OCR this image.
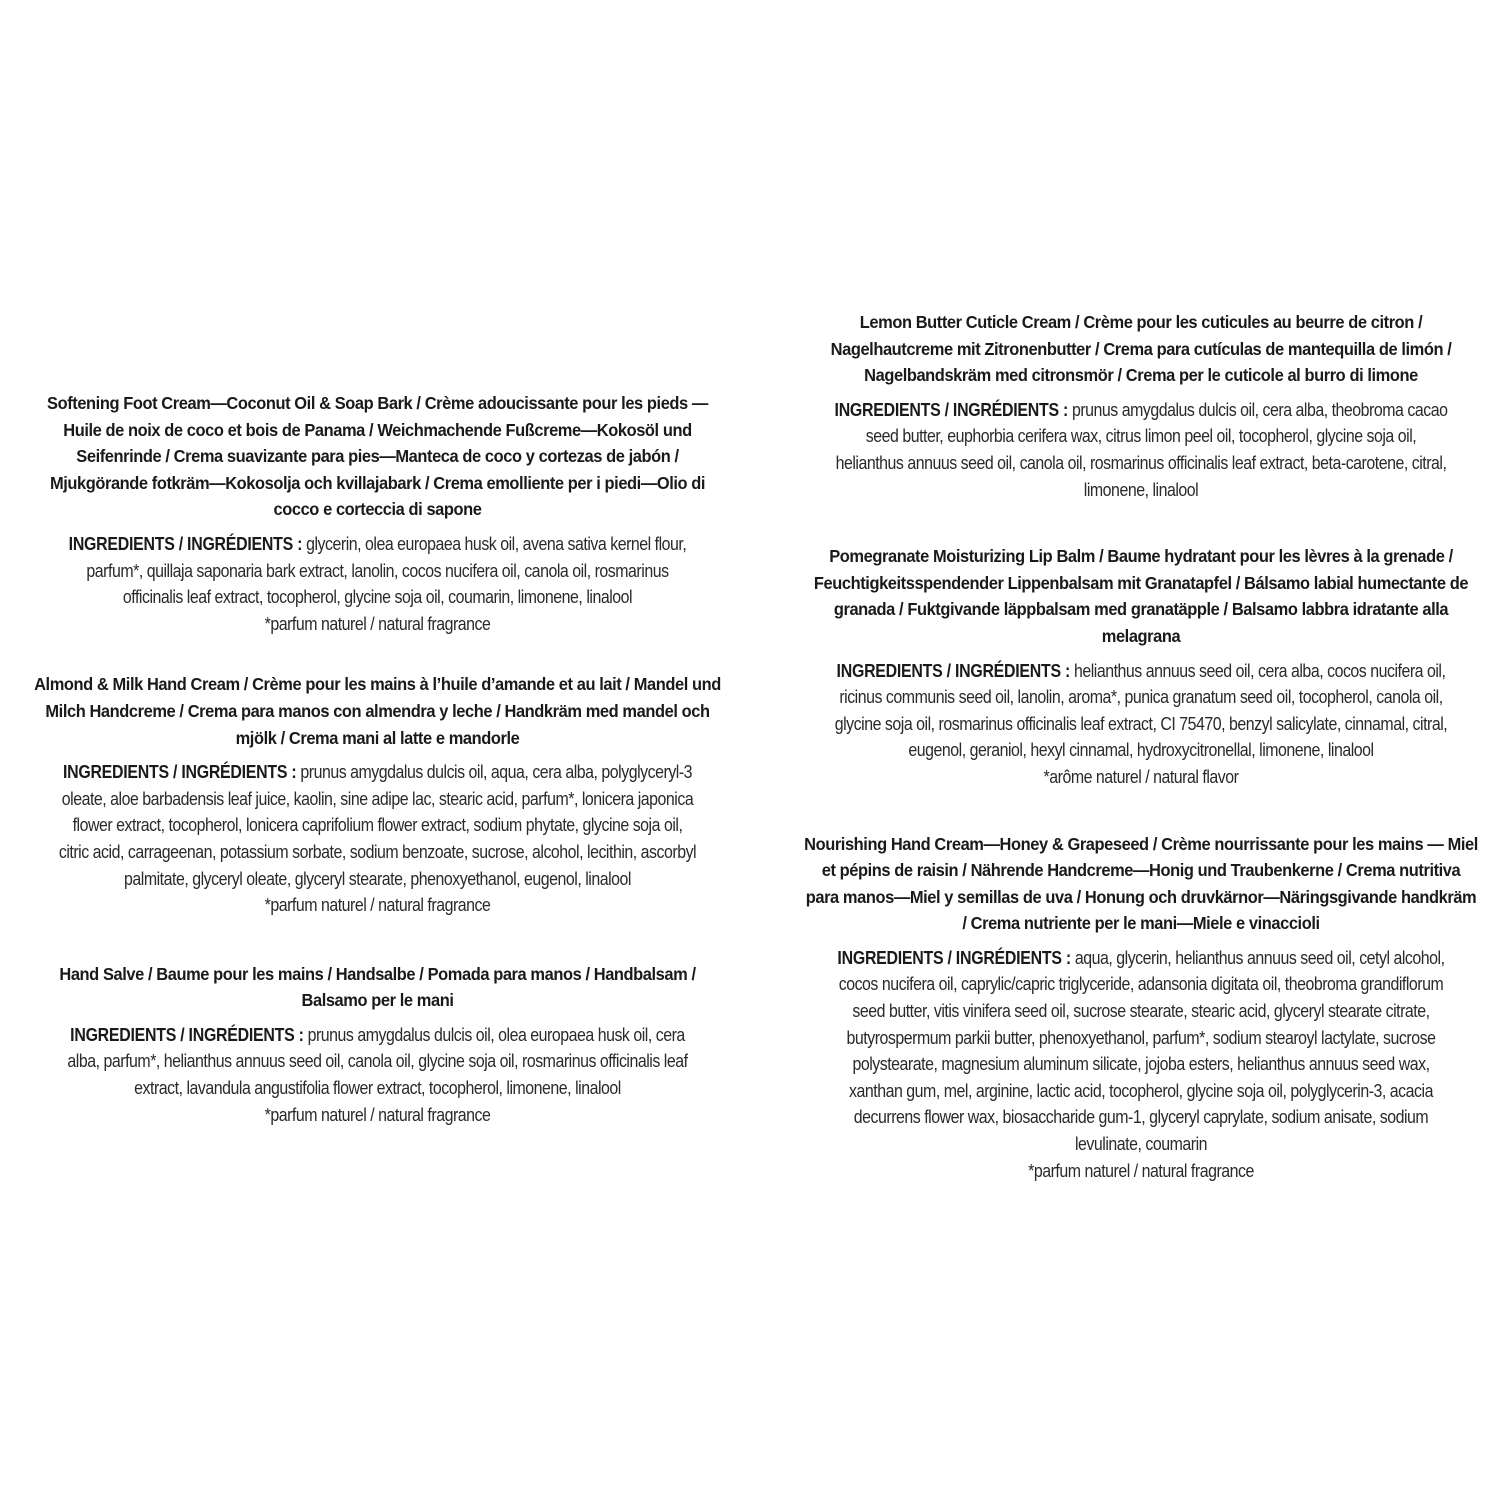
Softening Foot Cream—Coconut Oil & Soap Bark / Crème adoucissante pour les pieds — Huile de noix de coco et bois de Panama / Weichmachende Fußcreme—Kokosöl und Seifenrinde / Crema suavizante para pies—Manteca de coco y cortezas de jabón / Mjukgörande fotkräm—Kokosolja och kvillajabark / Crema emolliente per i piedi—Olio di cocco e corteccia di sapone

INGREDIENTS / INGRÉDIENTS : glycerin, olea europaea husk oil, avena sativa kernel flour, parfum*, quillaja saponaria bark extract, lanolin, cocos nucifera oil, canola oil, rosmarinus officinalis leaf extract, tocopherol, glycine soja oil, coumarin, limonene, linalool

*parfum naturel / natural fragrance

Almond & Milk Hand Cream / Crème pour les mains à l’huile d’amande et au lait / Mandel und Milch Handcreme / Crema para manos con almendra y leche / Handkräm med mandel och mjölk / Crema mani al latte e mandorle

INGREDIENTS / INGRÉDIENTS : prunus amygdalus dulcis oil, aqua, cera alba, polyglyceryl-3 oleate, aloe barbadensis leaf juice, kaolin, sine adipe lac, stearic acid, parfum*, lonicera japonica flower extract, tocopherol, lonicera caprifolium flower extract, sodium phytate, glycine soja oil, citric acid, carrageenan, potassium sorbate, sodium benzoate, sucrose, alcohol, lecithin, ascorbyl palmitate, glyceryl oleate, glyceryl stearate, phenoxyethanol, eugenol, linalool

*parfum naturel / natural fragrance

Hand Salve / Baume pour les mains / Handsalbe / Pomada para manos / Handbalsam / Balsamo per le mani

INGREDIENTS / INGRÉDIENTS : prunus amygdalus dulcis oil, olea europaea husk oil, cera alba, parfum*, helianthus annuus seed oil, canola oil, glycine soja oil, rosmarinus officinalis leaf extract, lavandula angustifolia flower extract, tocopherol, limonene, linalool

*parfum naturel / natural fragrance

Lemon Butter Cuticle Cream / Crème pour les cuticules au beurre de citron / Nagelhautcreme mit Zitronenbutter / Crema para cutículas de mantequilla de limón / Nagelbandskräm med citronsmör / Crema per le cuticole al burro di limone

INGREDIENTS / INGRÉDIENTS : prunus amygdalus dulcis oil, cera alba, theobroma cacao seed butter, euphorbia cerifera wax, citrus limon peel oil, tocopherol, glycine soja oil, helianthus annuus seed oil, canola oil, rosmarinus officinalis leaf extract, beta-carotene, citral, limonene, linalool

Pomegranate Moisturizing Lip Balm / Baume hydratant pour les lèvres à la grenade / Feuchtigkeitsspendender Lippenbalsam mit Granatapfel / Bálsamo labial humectante de granada / Fuktgivande läppbalsam med granatäpple / Balsamo labbra idratante alla melagrana

INGREDIENTS / INGRÉDIENTS : helianthus annuus seed oil, cera alba, cocos nucifera oil, ricinus communis seed oil, lanolin, aroma*, punica granatum seed oil, tocopherol, canola oil, glycine soja oil, rosmarinus officinalis leaf extract, CI 75470, benzyl salicylate, cinnamal, citral, eugenol, geraniol, hexyl cinnamal, hydroxycitronellal, limonene, linalool

*arôme naturel / natural flavor

Nourishing Hand Cream—Honey & Grapeseed / Crème nourrissante pour les mains — Miel et pépins de raisin / Nährende Handcreme—Honig und Traubenkerne / Crema nutritiva para manos—Miel y semillas de uva / Honung och druvkärnor—Näringsgivande handkräm / Crema nutriente per le mani—Miele e vinaccioli

INGREDIENTS / INGRÉDIENTS : aqua, glycerin, helianthus annuus seed oil, cetyl alcohol, cocos nucifera oil, caprylic/capric triglyceride, adansonia digitata oil, theobroma grandiflorum seed butter, vitis vinifera seed oil, sucrose stearate, stearic acid, glyceryl stearate citrate, butyrospermum parkii butter, phenoxyethanol, parfum*, sodium stearoyl lactylate, sucrose polystearate, magnesium aluminum silicate, jojoba esters, helianthus annuus seed wax, xanthan gum, mel, arginine, lactic acid, tocopherol, glycine soja oil, polyglycerin-3, acacia decurrens flower wax, biosaccharide gum-1, glyceryl caprylate, sodium anisate, sodium levulinate, coumarin

*parfum naturel / natural fragrance
